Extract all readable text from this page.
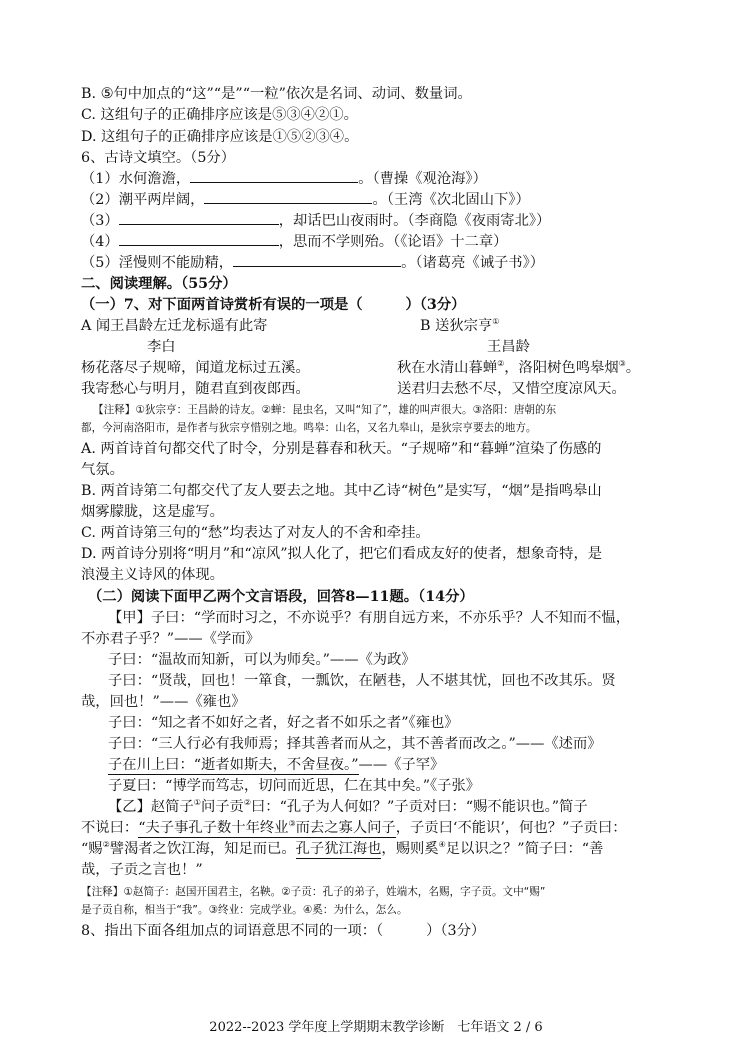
B. ⑤句中加点的“这”“是”“一粒”依次是名词、动词、数量词。
C. 这组句子的正确排序应该是⑤③④②①。
D. 这组句子的正确排序应该是①⑤②③④。
6、古诗文填空。（5分）
（1）水何澹澹，	。（曹操《观沧海》）
（2）潮平两岸阔，	。（王湾《次北固山下》）
（3）	，却话巴山夜雨时。（李商隐《夜雨寄北》）
（4）	，思而不学则殆。（《论语》十二章）
（5）淫慢则不能励精，	。（诸葛亮《诫子书》）
二、阅读理解。（55分）
（一）7、对下面两首诗赏析有误的一项是（　　　）（3分）
A 闻王昌龄左迁龙标遥有此寄	B 送狄宗亨①
李白	王昌龄
杨花落尽子规啼，闻道龙标过五溪。	秋在水清山暮蝉②，洛阳树色鸣皋烟③。
我寄愁心与明月，随君直到夜郎西。	送君归去愁不尽，又惜空度凉风天。
【注释】①狄宗亨：王昌龄的诗友。②蝉：昆虫名，又叫“知了”，雄的叫声很大。③洛阳：唐朝的东
都，今河南洛阳市，是作者与狄宗亨惜别之地。鸣皋：山名，又名九皋山，是狄宗亨要去的地方。
A. 两首诗首句都交代了时令，分别是暮春和秋天。“子规啼”和“暮蝉”渲染了伤感的
气氛。
B. 两首诗第二句都交代了友人要去之地。其中乙诗“树色”是实写，“烟”是指鸣皋山
烟雾朦胧，这是虚写。
C. 两首诗第三句的“愁”均表达了对友人的不舍和牵挂。
D. 两首诗分别将“明月”和“凉风”拟人化了，把它们看成友好的使者，想象奇特，是
浪漫主义诗风的体现。
（二）阅读下面甲乙两个文言语段，回答8—11题。（14分）
【甲】子曰：“学而时习之，不亦说乎？有朋自远方来，不亦乐乎？人不知而不愠，
不亦君子乎？”——《学而》
子曰：“温故而知新，可以为师矣。”——《为政》
子曰：“贤哉，回也！一箪食，一瓢饮，在陋巷，人不堪其忧，回也不改其乐。贤
哉，回也！”——《雍也》
子曰：“知之者不如好之者，好之者不如乐之者”《雍也》
子曰：“三人行必有我师焉；择其善者而从之，其不善者而改之。”——《述而》
子在川上曰：“逝者如斯夫，不舍昼夜。”——《子罕》
子夏曰：“博学而笃志，切问而近思，仁在其中矣。”《子张》
【乙】赵简子①问子贡②曰：“孔子为人何如？”子贡对曰：“赐不能识也。”简子
不说曰：“夫子事孔子数十年终业③而去之寡人问子，子贡曰‘不能识’，何也？”子贡曰：
“赐②譬渴者之饮江海，知足而已。孔子犹江海也，赐则奚④足以识之？”简子曰：“善
哉，子贡之言也！”
【注释】①赵简子：赵国开国君主，名鞅。②子贡：孔子的弟子，姓端木，名赐，字子贡。文中“赐”
是子贡自称，相当于“我”。③终业：完成学业。④奚：为什么，怎么。
8、指出下面各组加点的词语意思不同的一项：（　　　）（3分）
2022--2023 学年度上学期期末教学诊断　七年语文 2 / 6
